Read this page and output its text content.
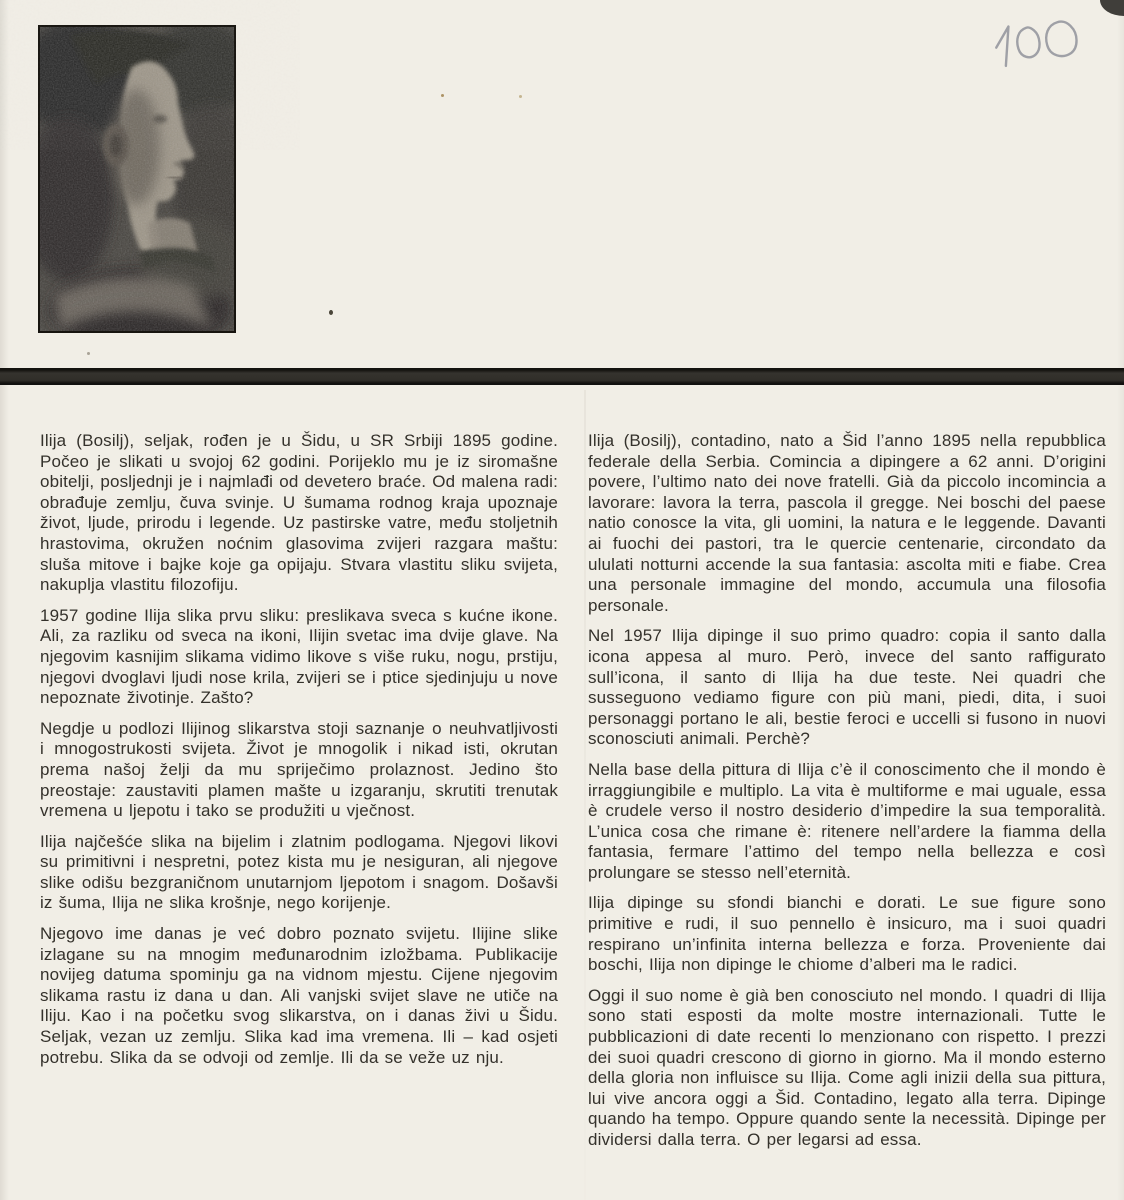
Ilija (Bosilj), seljak, rođen je u Šidu, u SR Srbiji 1895 godine. Počeo je slikati u svojoj 62 godini. Porijeklo mu je iz siromašne obitelji, posljednji je i najmlađi od devetero braće. Od malena radi: obrađuje zemlju, čuva svinje. U šumama rodnog kraja upoznaje život, ljude, prirodu i legende. Uz pastirske vatre, među stoljetnih hrastovima, okružen noćnim glasovima zvijeri razgara maštu: sluša mitove i bajke koje ga opijaju. Stvara vlastitu sliku svijeta, nakuplja vlastitu filozofiju.

1957 godine Ilija slika prvu sliku: preslikava sveca s kućne ikone. Ali, za razliku od sveca na ikoni, Ilijin svetac ima dvije glave. Na njegovim kasnijim slikama vidimo likove s više ruku, nogu, prstiju, njegovi dvoglavi ljudi nose krila, zvijeri se i ptice sjedinjuju u nove nepoznate životinje. Zašto?

Negdje u podlozi Ilijinog slikarstva stoji saznanje o neuhvatljivosti i mnogostrukosti svijeta. Život je mnogolik i nikad isti, okrutan prema našoj želji da mu spriječimo prolaznost. Jedino što preostaje: zaustaviti plamen mašte u izgaranju, skrutiti trenutak vremena u ljepotu i tako se produžiti u vječnost.

Ilija najčešće slika na bijelim i zlatnim podlogama. Njegovi likovi su primitivni i nespretni, potez kista mu je nesiguran, ali njegove slike odišu bezgraničnom unutarnjom ljepotom i snagom. Došavši iz šuma, Ilija ne slika krošnje, nego korijenje.

Njegovo ime danas je već dobro poznato svijetu. Ilijine slike izlagane su na mnogim međunarodnim izložbama. Publikacije novijeg datuma spominju ga na vidnom mjestu. Cijene njegovim slikama rastu iz dana u dan. Ali vanjski svijet slave ne utiče na Iliju. Kao i na početku svog slikarstva, on i danas živi u Šidu. Seljak, vezan uz zemlju. Slika kad ima vremena. Ili – kad osjeti potrebu. Slika da se odvoji od zemlje. Ili da se veže uz nju.

Ilija (Bosilj), contadino, nato a Šid l’anno 1895 nella repubblica federale della Serbia. Comincia a dipingere a 62 anni. D’origini povere, l’ultimo nato dei nove fratelli. Già da piccolo incomincia a lavorare: lavora la terra, pascola il gregge. Nei boschi del paese natio conosce la vita, gli uomini, la natura e le leggende. Davanti ai fuochi dei pastori, tra le quercie centenarie, circondato da ululati notturni accende la sua fantasia: ascolta miti e fiabe. Crea una personale immagine del mondo, accumula una filosofia personale.

Nel 1957 Ilija dipinge il suo primo quadro: copia il santo dalla icona appesa al muro. Però, invece del santo raffigurato sull’icona, il santo di Ilija ha due teste. Nei quadri che susseguono vediamo figure con più mani, piedi, dita, i suoi personaggi portano le ali, bestie feroci e uccelli si fusono in nuovi sconosciuti animali. Perchè?

Nella base della pittura di Ilija c’è il conoscimento che il mondo è irraggiungibile e multiplo. La vita è multiforme e mai uguale, essa è crudele verso il nostro desiderio d’impedire la sua temporalità. L’unica cosa che rimane è: ritenere nell’ardere la fiamma della fantasia, fermare l’attimo del tempo nella bellezza e così prolungare se stesso nell’eternità.

Ilija dipinge su sfondi bianchi e dorati. Le sue figure sono primitive e rudi, il suo pennello è insicuro, ma i suoi quadri respirano un’infinita interna bellezza e forza. Proveniente dai boschi, Ilija non dipinge le chiome d’alberi ma le radici.

Oggi il suo nome è già ben conosciuto nel mondo. I quadri di Ilija sono stati esposti da molte mostre internazionali. Tutte le pubblicazioni di date recenti lo menzionano con rispetto. I prezzi dei suoi quadri crescono di giorno in giorno. Ma il mondo esterno della gloria non influisce su Ilija. Come agli inizii della sua pittura, lui vive ancora oggi a Šid. Contadino, legato alla terra. Dipinge quando ha tempo. Oppure quando sente la necessità. Dipinge per dividersi dalla terra. O per legarsi ad essa.
